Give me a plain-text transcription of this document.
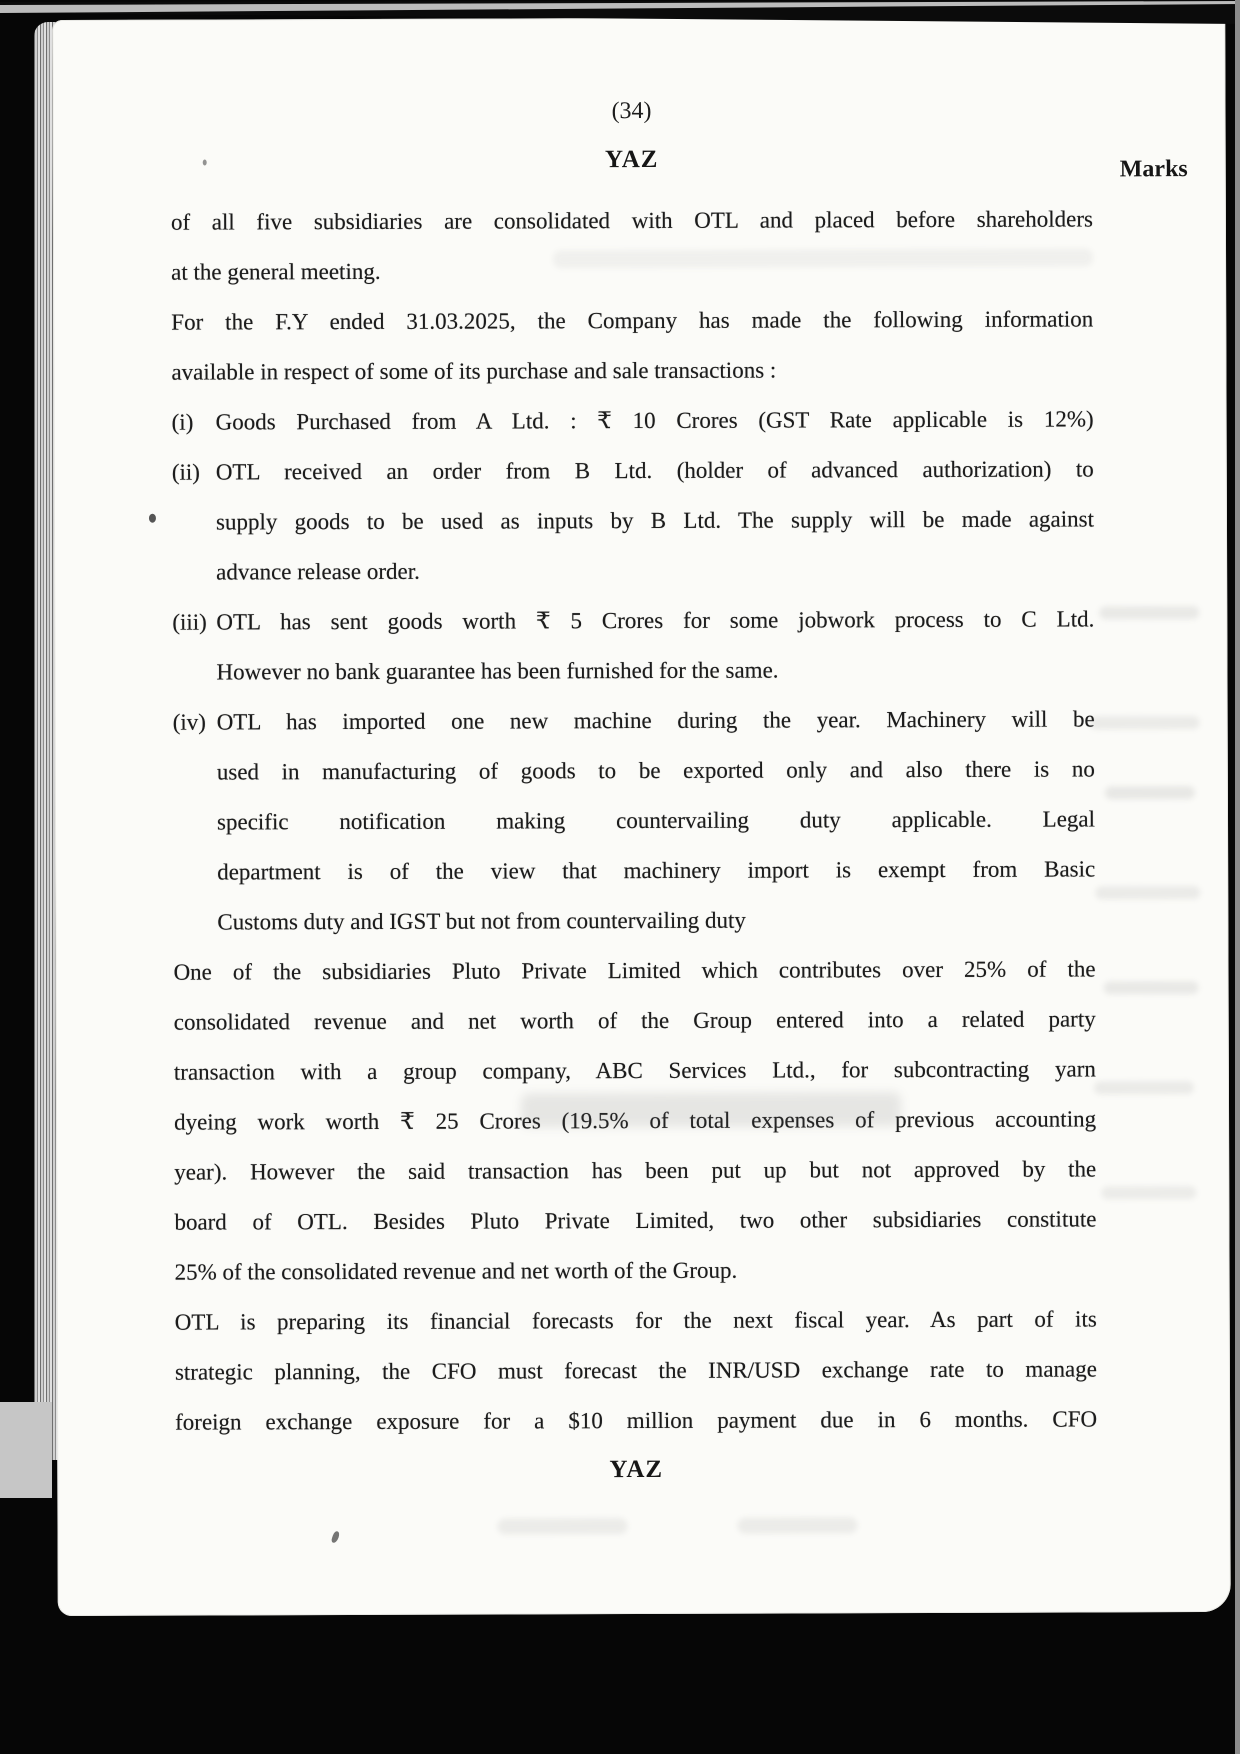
(34)
YAZ	Marks
of all five subsidiaries are consolidated with OTL and placed before shareholders
at the general meeting.
For the F.Y ended 31.03.2025, the Company has made the following information
available in respect of some of its purchase and sale transactions :
(i) Goods Purchased from A Ltd. : ₹ 10 Crores (GST Rate applicable is 12%)
(ii) OTL received an order from B Ltd. (holder of advanced authorization) to
supply goods to be used as inputs by B Ltd. The supply will be made against
advance release order.
(iii) OTL has sent goods worth ₹ 5 Crores for some jobwork process to C Ltd.
However no bank guarantee has been furnished for the same.
(iv) OTL has imported one new machine during the year. Machinery will be
used in manufacturing of goods to be exported only and also there is no
specific notification making countervailing duty applicable. Legal
department is of the view that machinery import is exempt from Basic
Customs duty and IGST but not from countervailing duty
One of the subsidiaries Pluto Private Limited which contributes over 25% of the
consolidated revenue and net worth of the Group entered into a related party
transaction with a group company, ABC Services Ltd., for subcontracting yarn
dyeing work worth ₹ 25 Crores (19.5% of total expenses of previous accounting
year). However the said transaction has been put up but not approved by the
board of OTL. Besides Pluto Private Limited, two other subsidiaries constitute
25% of the consolidated revenue and net worth of the Group.
OTL is preparing its financial forecasts for the next fiscal year. As part of its
strategic planning, the CFO must forecast the INR/USD exchange rate to manage
foreign exchange exposure for a $10 million payment due in 6 months. CFO
YAZ
